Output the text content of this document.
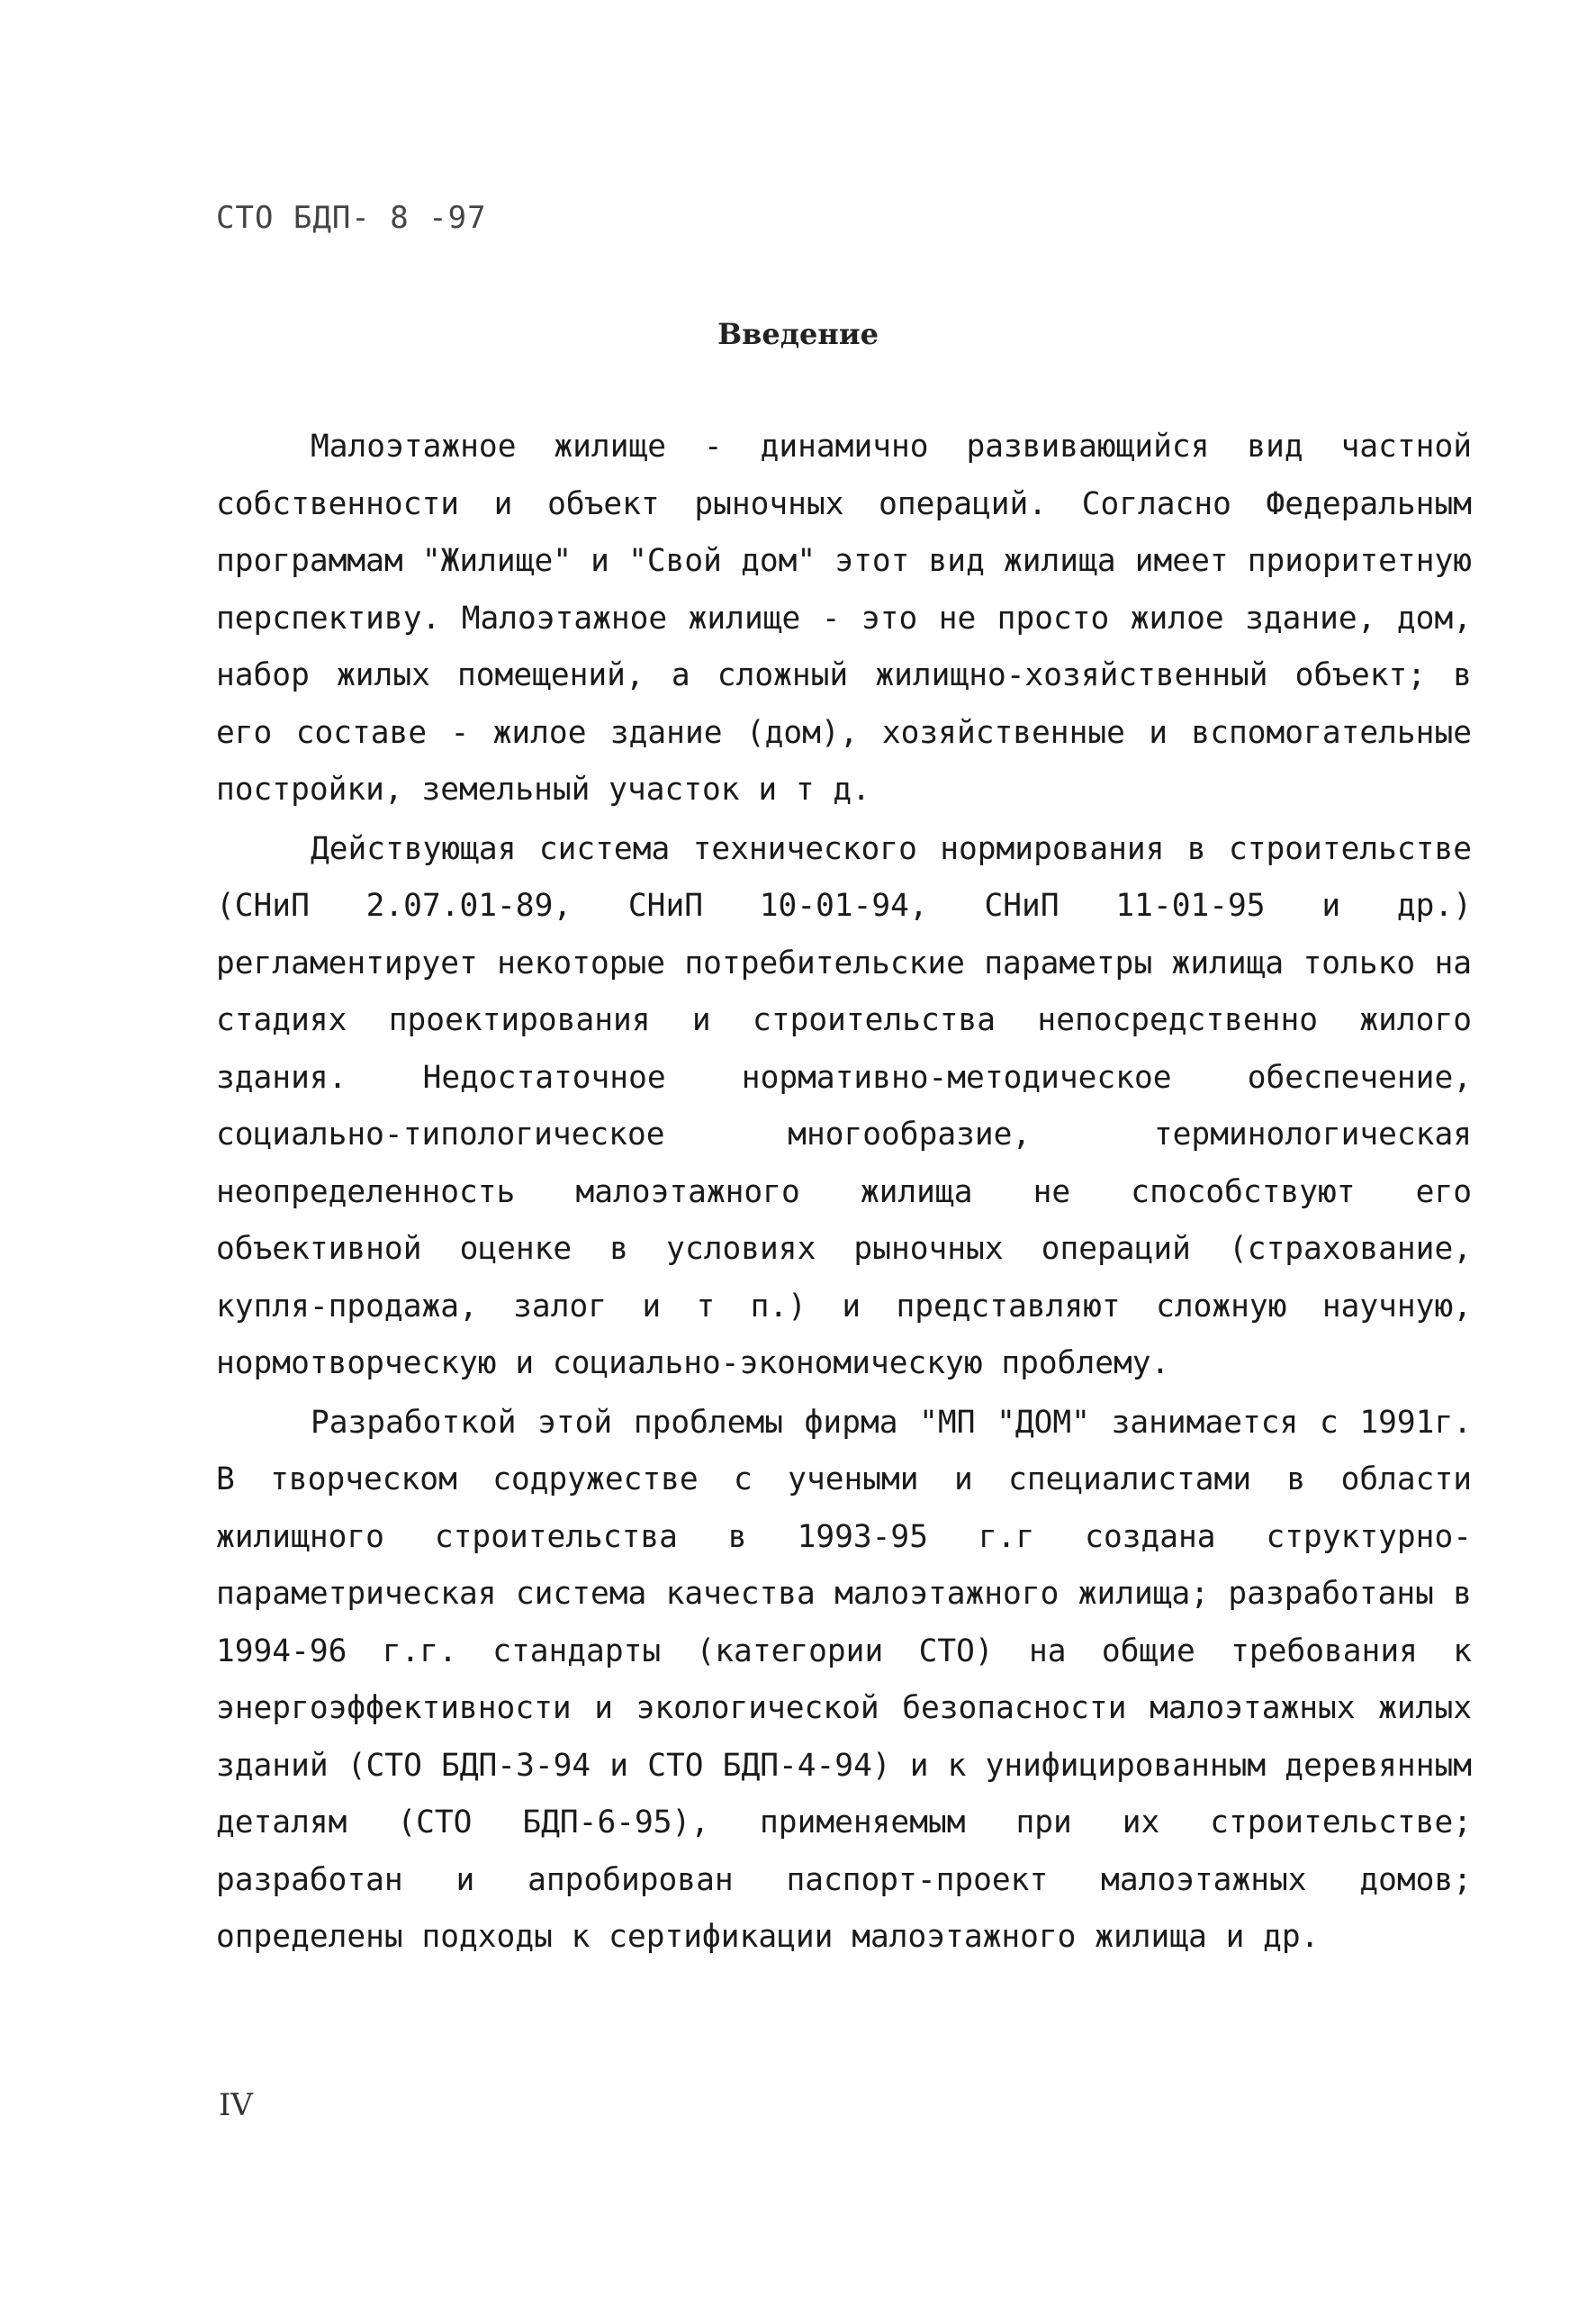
СТО БДП- 8 -97
Введение

Малоэтажное жилище - динамично развивающийся вид частной собственности и объект рыночных операций. Согласно Федеральным программам "Жилище" и "Свой дом" этот вид жилища имеет приоритетную перспективу. Малоэтажное жилище - это не просто жилое здание, дом, набор жилых помещений, а сложный жилищно-хозяйственный объект; в его составе - жилое здание (дом), хозяйственные и вспомогательные постройки, земельный участок и т д.

Действующая система технического нормирования в строительстве (СНиП 2.07.01-89, СНиП 10-01-94, СНиП 11-01-95 и др.) регламентирует некоторые потребительские параметры жилища только на стадиях проектирования и строительства непосредственно жилого здания. Недостаточное нормативно-методическое обеспечение, социально-типологическое многообразие, терминологическая неопределенность малоэтажного жилища не способствуют его объективной оценке в условиях рыночных операций (страхование, купля-продажа, залог и т п.) и представляют сложную научную, нормотворческую и социально-экономическую проблему.

Разработкой этой проблемы фирма "МП "ДОМ" занимается с 1991г. В творческом содружестве с учеными и специалистами в области жилищного строительства в 1993-95 г.г создана структурно-параметрическая система качества малоэтажного жилища; разработаны в 1994-96 г.г. стандарты (категории СТО) на общие требования к энергоэффективности и экологической безопасности малоэтажных жилых зданий (СТО БДП-3-94 и СТО БДП-4-94) и к унифицированным деревянным деталям (СТО БДП-6-95), применяемым при их строительстве; разработан и апробирован паспорт-проект малоэтажных домов; определены подходы к сертификации малоэтажного жилища и др.

IV
